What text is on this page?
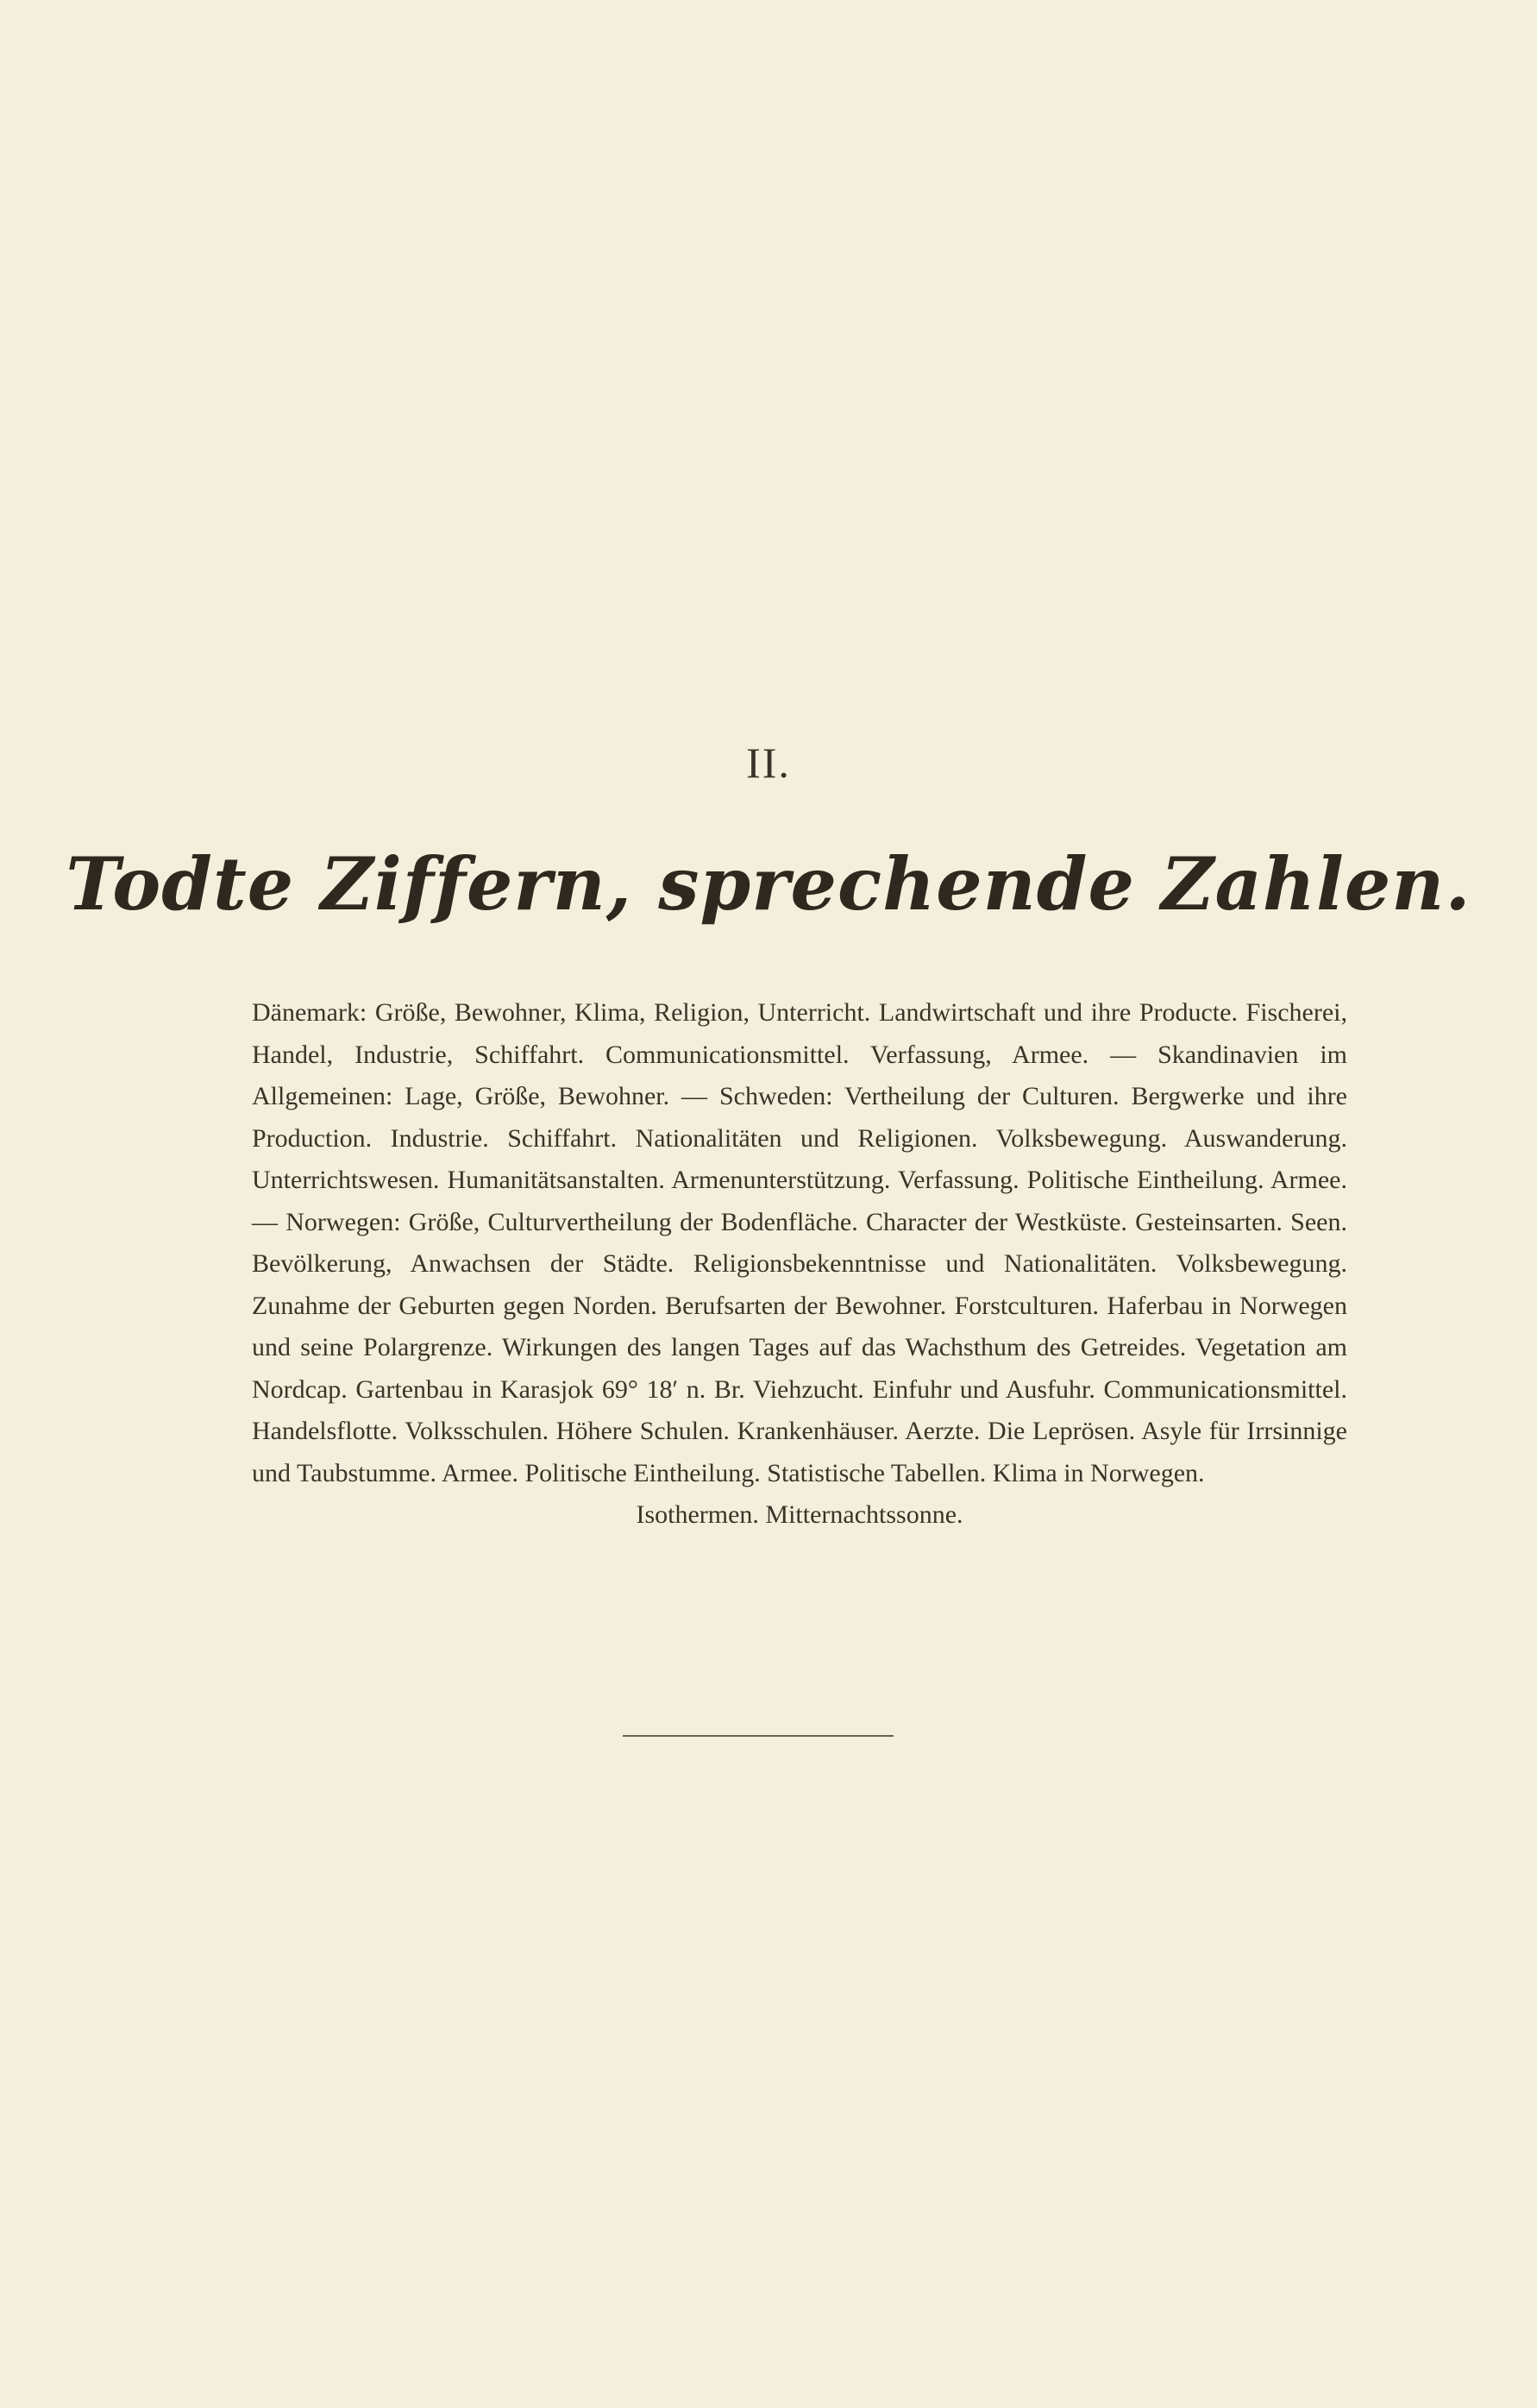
II.
Todte Ziffern, sprechende Zahlen.
Dänemark: Größe, Bewohner, Klima, Religion, Unterricht. Landwirtschaft und ihre Producte. Fischerei, Handel, Industrie, Schiffahrt. Communicationsmittel. Verfassung, Armee. — Skandinavien im Allgemeinen: Lage, Größe, Bewohner. — Schweden: Vertheilung der Culturen. Bergwerke und ihre Production. Industrie. Schiffahrt. Nationalitäten und Religionen. Volksbewegung. Auswanderung. Unterrichtswesen. Humanitätsanstalten. Armenunterstützung. Verfassung. Politische Eintheilung. Armee. — Norwegen: Größe, Culturvertheilung der Bodenfläche. Character der Westküste. Gesteinsarten. Seen. Bevölkerung, Anwachsen der Städte. Religionsbekenntnisse und Nationalitäten. Volksbewegung. Zunahme der Geburten gegen Norden. Berufsarten der Bewohner. Forstculturen. Haferbau in Norwegen und seine Polargrenze. Wirkungen des langen Tages auf das Wachsthum des Getreides. Vegetation am Nordcap. Gartenbau in Karasjok 69° 18′ n. Br. Viehzucht. Einfuhr und Ausfuhr. Communicationsmittel. Handelsflotte. Volksschulen. Höhere Schulen. Krankenhäuser. Aerzte. Die Leprösen. Asyle für Irrsinnige und Taubstumme. Armee. Politische Eintheilung. Statistische Tabellen. Klima in Norwegen.
Isothermen. Mitternachtssonne.
